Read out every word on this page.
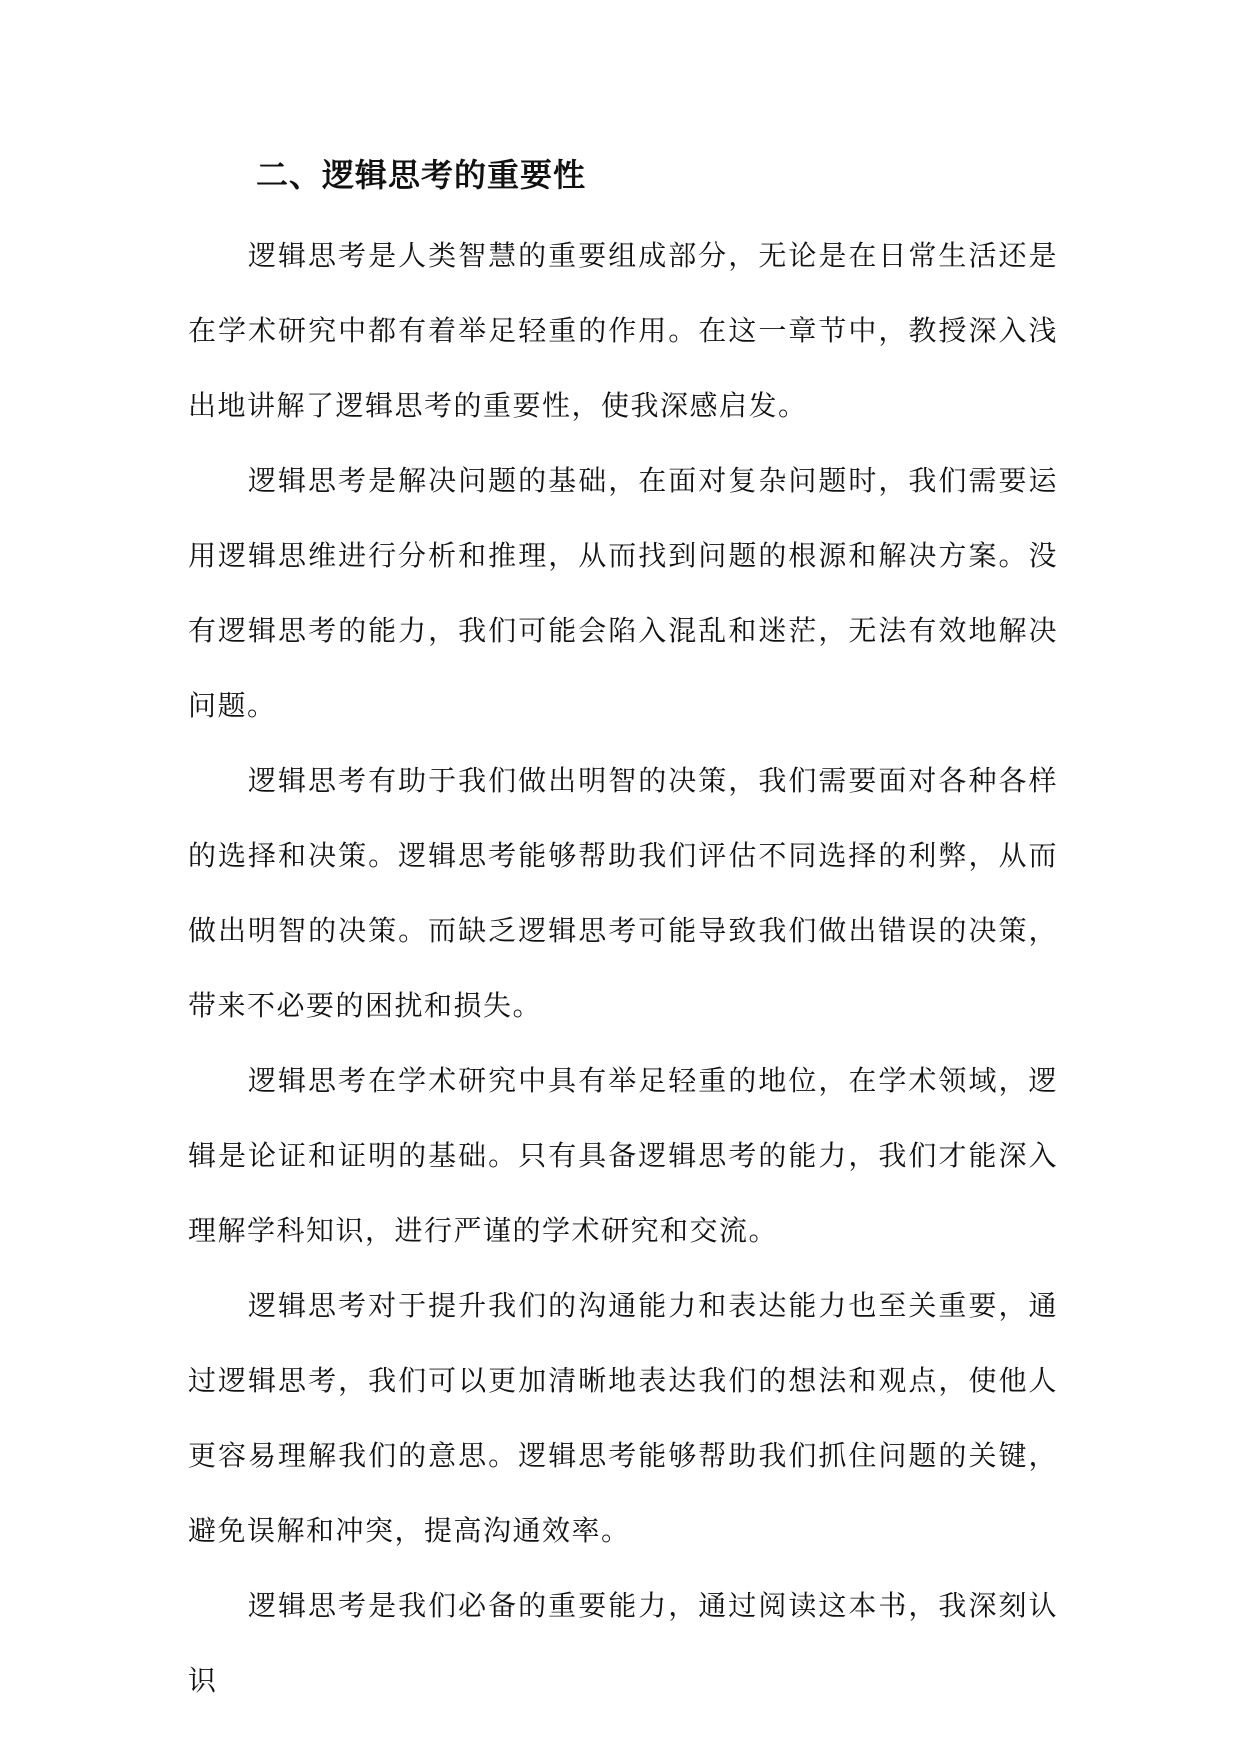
二、逻辑思考的重要性

逻辑思考是人类智慧的重要组成部分，无论是在日常生活还是在学术研究中都有着举足轻重的作用。在这一章节中，教授深入浅出地讲解了逻辑思考的重要性，使我深感启发。

逻辑思考是解决问题的基础，在面对复杂问题时，我们需要运用逻辑思维进行分析和推理，从而找到问题的根源和解决方案。没有逻辑思考的能力，我们可能会陷入混乱和迷茫，无法有效地解决问题。

逻辑思考有助于我们做出明智的决策，我们需要面对各种各样的选择和决策。逻辑思考能够帮助我们评估不同选择的利弊，从而做出明智的决策。而缺乏逻辑思考可能导致我们做出错误的决策，带来不必要的困扰和损失。

逻辑思考在学术研究中具有举足轻重的地位，在学术领域，逻辑是论证和证明的基础。只有具备逻辑思考的能力，我们才能深入理解学科知识，进行严谨的学术研究和交流。

逻辑思考对于提升我们的沟通能力和表达能力也至关重要，通过逻辑思考，我们可以更加清晰地表达我们的想法和观点，使他人更容易理解我们的意思。逻辑思考能够帮助我们抓住问题的关键，避免误解和冲突，提高沟通效率。

逻辑思考是我们必备的重要能力，通过阅读这本书，我深刻认识
